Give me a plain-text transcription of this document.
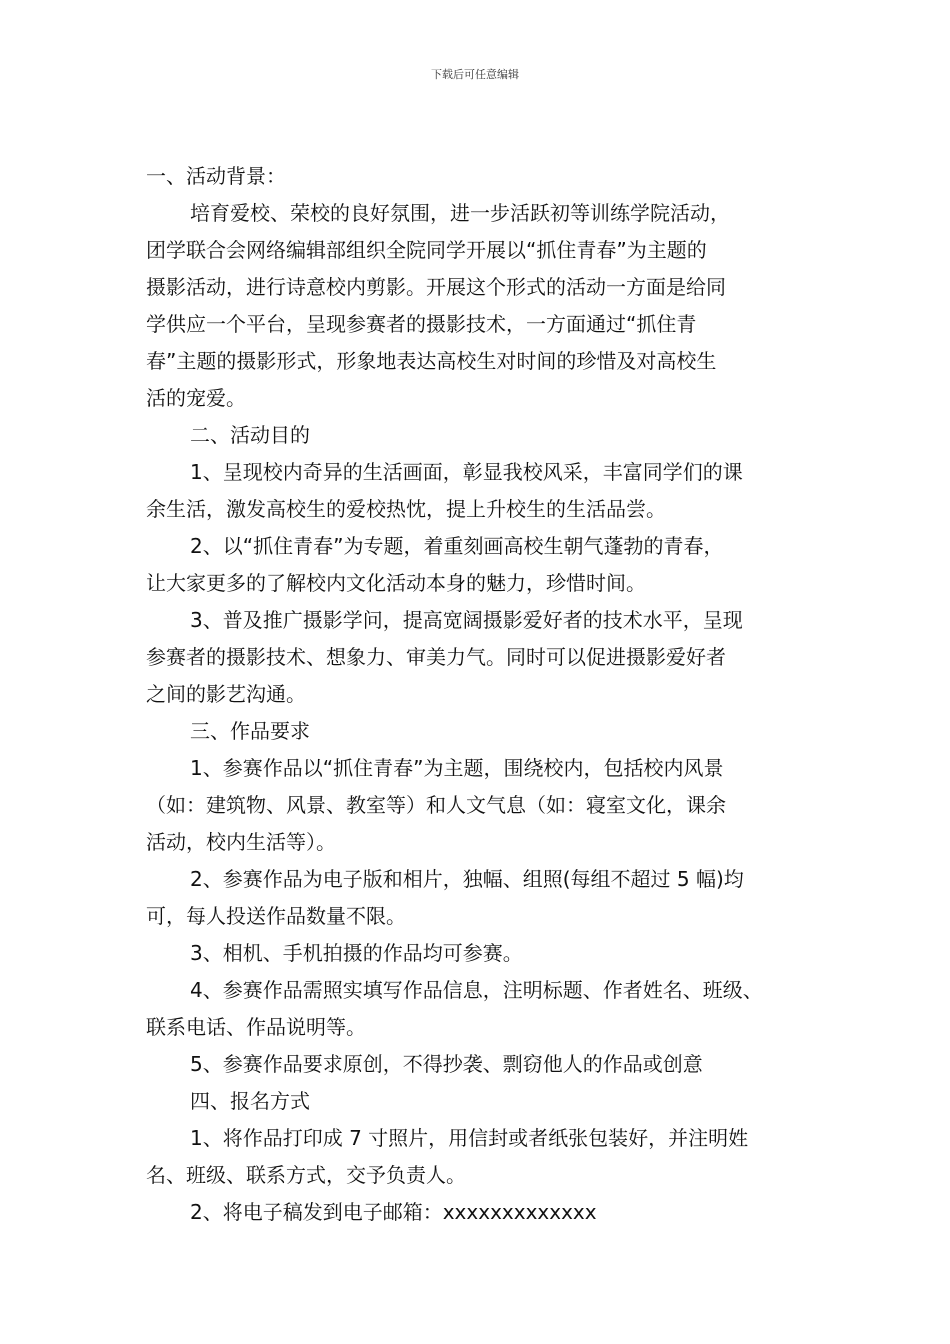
下载后可任意编辑
一、活动背景：
培育爱校、荣校的良好氛围，进一步活跃初等训练学院活动，
团学联合会网络编辑部组织全院同学开展以“抓住青春”为主题的
摄影活动，进行诗意校内剪影。开展这个形式的活动一方面是给同
学供应一个平台，呈现参赛者的摄影技术，一方面通过“抓住青
春”主题的摄影形式，形象地表达高校生对时间的珍惜及对高校生
活的宠爱。
二、活动目的
1、呈现校内奇异的生活画面，彰显我校风采，丰富同学们的课
余生活，激发高校生的爱校热忱，提上升校生的生活品尝。
2、以“抓住青春”为专题，着重刻画高校生朝气蓬勃的青春，
让大家更多的了解校内文化活动本身的魅力，珍惜时间。
3、普及推广摄影学问，提高宽阔摄影爱好者的技术水平，呈现
参赛者的摄影技术、想象力、审美力气。同时可以促进摄影爱好者
之间的影艺沟通。
三、作品要求
1、参赛作品以“抓住青春”为主题，围绕校内，包括校内风景
（如：建筑物、风景、教室等）和人文气息（如：寝室文化，课余
活动，校内生活等）。
2、参赛作品为电子版和相片，独幅、组照(每组不超过 5 幅)均
可，每人投送作品数量不限。
3、相机、手机拍摄的作品均可参赛。
4、参赛作品需照实填写作品信息，注明标题、作者姓名、班级、
联系电话、作品说明等。
5、参赛作品要求原创，不得抄袭、剽窃他人的作品或创意
四、报名方式
1、将作品打印成 7 寸照片，用信封或者纸张包装好，并注明姓
名、班级、联系方式，交予负责人。
2、将电子稿发到电子邮箱：xxxxxxxxxxxxx
